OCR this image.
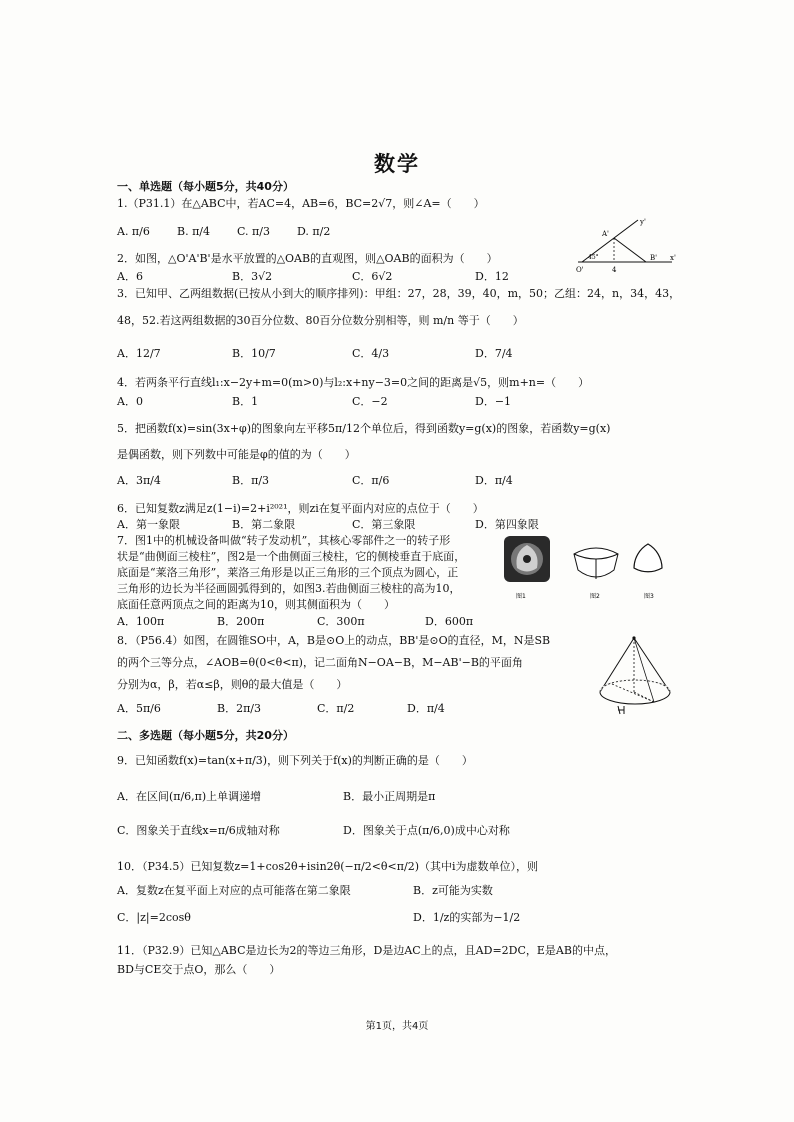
数学
一、单选题（每小题5分，共40分）
1.（P31.1）在△ABC中，若AC=4，AB=6，BC=2√7，则∠A=（　　）
A. π/6 B. π/4 C. π/3 D. π/2
2．如图，△O'A'B'是水平放置的△OAB的直观图，则△OAB的面积为（　　）
A．6	B．3√2	C．6√2	D．12
y'
A'
O'
B' x'
45°
4
3．已知甲、乙两组数据(已按从小到大的顺序排列)：甲组：27，28，39，40，m，50；乙组：24，n，34，43，
48，52.若这两组数据的30百分位数、80百分位数分别相等，则 m/n 等于（　　）
A．12/7	B．10/7	C．4/3	D．7/4
4．若两条平行直线l₁:x−2y+m=0(m>0)与l₂:x+ny−3=0之间的距离是√5，则m+n=（　　）
A．0	B．1	C．−2	D．−1
5．把函数f(x)=sin(3x+φ)的图象向左平移5π/12个单位后，得到函数y=g(x)的图象，若函数y=g(x)
是偶函数，则下列数中可能是φ的值的为（　　）
A．3π/4	B．π/3	C．π/6	D．π/4
6．已知复数z满足z(1−i)=2+i²⁰²¹，则zi在复平面内对应的点位于（　　）
A．第一象限	B．第二象限	C．第三象限	D．第四象限
7．图1中的机械设备叫做“转子发动机”，其核心零部件之一的转子形
状是“曲侧面三棱柱”，图2是一个曲侧面三棱柱，它的侧棱垂直于底面，
底面是“莱洛三角形”，莱洛三角形是以正三角形的三个顶点为圆心，正
三角形的边长为半径画圆弧得到的，如图3.若曲侧面三棱柱的高为10，
底面任意两顶点之间的距离为10，则其侧面积为（　　）
A．100π	B．200π	C．300π	D．600π
图1	图2	图3
8．（P56.4）如图，在圆锥SO中，A，B是⊙O上的动点，BB'是⊙O的直径，M，N是SB
的两个三等分点，∠AOB=θ(0<θ<π)，记二面角N−OA−B，M−AB'−B的平面角
分别为α，β，若α≤β，则θ的最大值是（　　）
A．5π/6	B．2π/3	C．π/2	D．π/4
二、多选题（每小题5分，共20分）
9．已知函数f(x)=tan(x+π/3)，则下列关于f(x)的判断正确的是（　　）
A．在区间(π/6,π)上单调递增	B．最小正周期是π
C．图象关于直线x=π/6成轴对称	D．图象关于点(π/6,0)成中心对称
10．（P34.5）已知复数z=1+cos2θ+isin2θ(−π/2<θ<π/2)（其中i为虚数单位），则
A．复数z在复平面上对应的点可能落在第二象限	B．z可能为实数
C．|z|=2cosθ	D．1/z的实部为−1/2
11．（P32.9）已知△ABC是边长为2的等边三角形，D是边AC上的点，且AD=2DC，E是AB的中点，
BD与CE交于点O，那么（　　）
第1页，共4页
